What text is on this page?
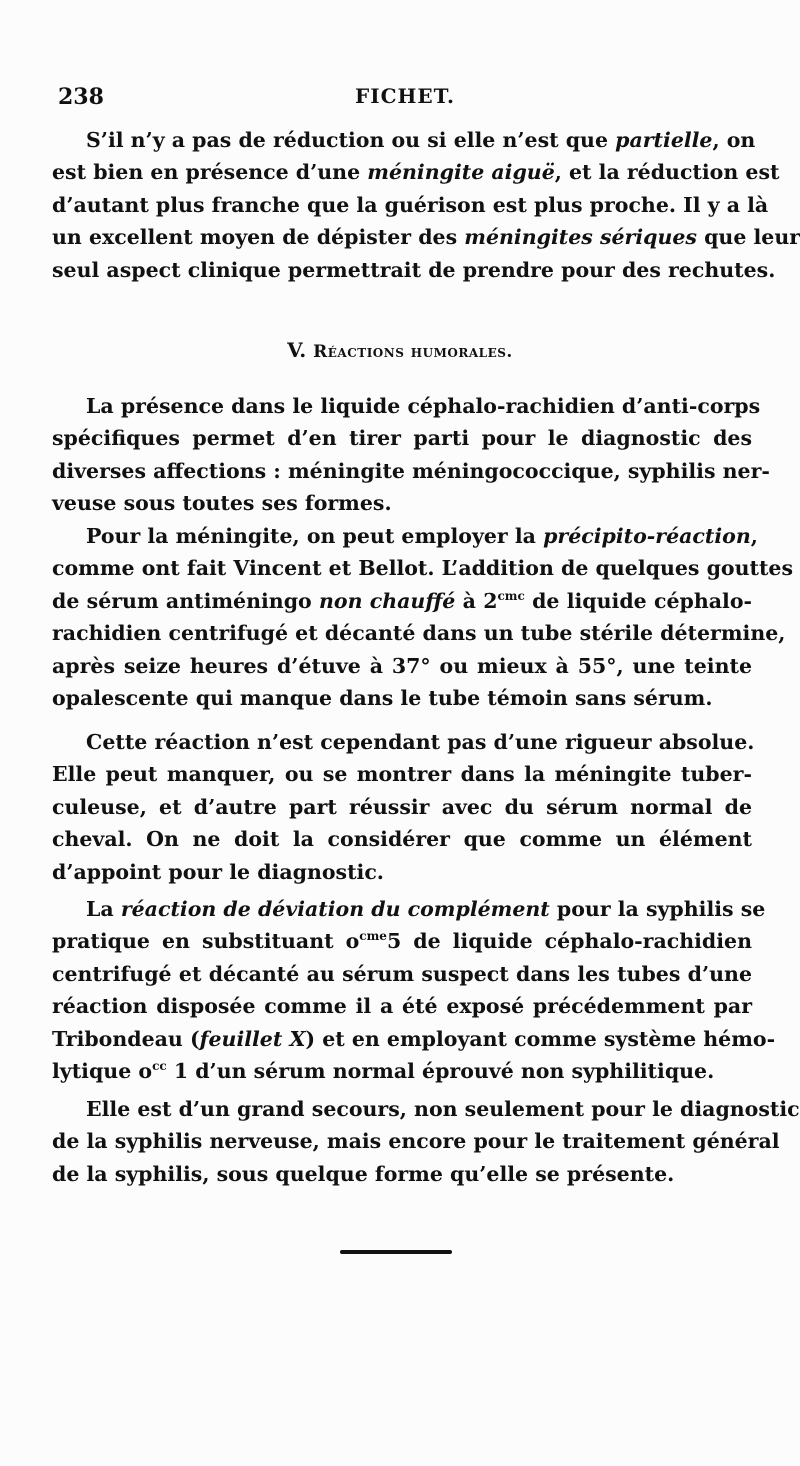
238	FICHET.

S’il n’y a pas de réduction ou si elle n’est que partielle, on
est bien en présence d’une méningite aiguë, et la réduction est
d’autant plus franche que la guérison est plus proche. Il y a là
un excellent moyen de dépister des méningites sériques que leur
seul aspect clinique permettrait de prendre pour des rechutes.

V. Réactions humorales.

La présence dans le liquide céphalo-rachidien d’anti-corps
spécifiques permet d’en tirer parti pour le diagnostic des
diverses affections : méningite méningococcique, syphilis ner-
veuse sous toutes ses formes.

Pour la méningite, on peut employer la précipito-réaction,
comme ont fait Vincent et Bellot. L’addition de quelques gouttes
de sérum antiméningo non chauffé à $2^{cmc}$ de liquide céphalo-
rachidien centrifugé et décanté dans un tube stérile détermine,
après seize heures d’étuve à 37° ou mieux à 55°, une teinte
opalescente qui manque dans le tube témoin sans sérum.

Cette réaction n’est cependant pas d’une rigueur absolue.
Elle peut manquer, ou se montrer dans la méningite tuber-
culeuse, et d’autre part réussir avec du sérum normal de
cheval. On ne doit la considérer que comme un élément
d’appoint pour le diagnostic.

La réaction de déviation du complément pour la syphilis se
pratique en substituant $o^{cme}5$ de liquide céphalo-rachidien
centrifugé et décanté au sérum suspect dans les tubes d’une
réaction disposée comme il a été exposé précédemment par
Tribondeau (feuillet X) et en employant comme système hémo-
lytique $o^{cc}$ 1 d’un sérum normal éprouvé non syphilitique.

Elle est d’un grand secours, non seulement pour le diagnostic
de la syphilis nerveuse, mais encore pour le traitement général
de la syphilis, sous quelque forme qu’elle se présente.
